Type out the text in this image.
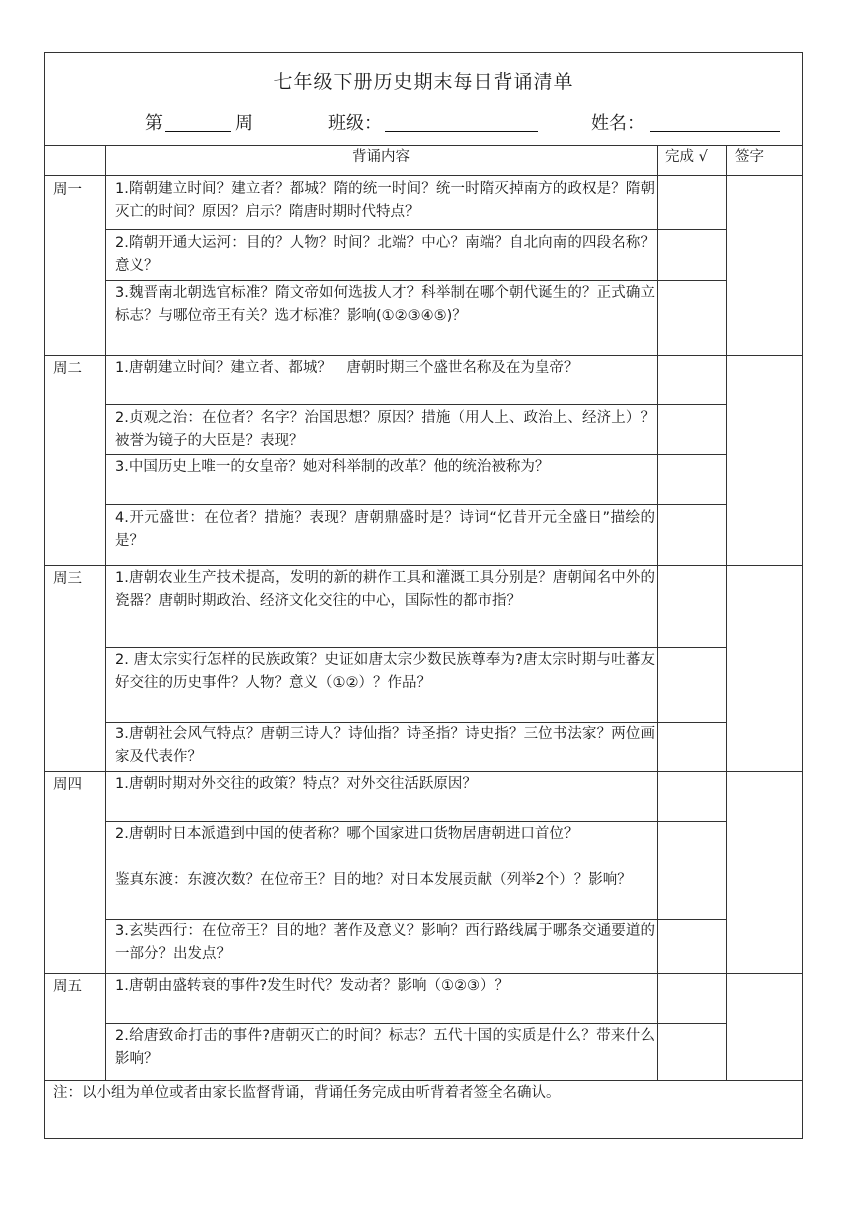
七年级下册历史期末每日背诵清单
第	周	班级：	姓名：
背诵内容	完成 √ 签字
周一 1.隋朝建立时间？建立者？都城？隋的统一时间？统一时隋灭掉南方的政权是？隋朝灭亡的时间？原因？启示？隋唐时期时代特点？
2.隋朝开通大运河：目的？人物？时间？北端？中心？南端？自北向南的四段名称？意义？
3.魏晋南北朝选官标准？隋文帝如何选拔人才？科举制在哪个朝代诞生的？正式确立标志？与哪位帝王有关？选才标准？影响(①②③④⑤)？
周二 1.唐朝建立时间？建立者、都城？　唐朝时期三个盛世名称及在为皇帝？
2.贞观之治：在位者？名字？治国思想？原因？措施（用人上、政治上、经济上）？被誉为镜子的大臣是？表现？
3.中国历史上唯一的女皇帝？她对科举制的改革？他的统治被称为？
4.开元盛世：在位者？措施？表现？唐朝鼎盛时是？诗词“忆昔开元全盛日”描绘的是？
周三 1.唐朝农业生产技术提高，发明的新的耕作工具和灌溉工具分别是？唐朝闻名中外的瓷器？唐朝时期政治、经济文化交往的中心，国际性的都市指？
2. 唐太宗实行怎样的民族政策？史证如唐太宗少数民族尊奉为?唐太宗时期与吐蕃友好交往的历史事件？人物？意义（①②）？作品？
3.唐朝社会风气特点？唐朝三诗人？诗仙指？诗圣指？诗史指？三位书法家？两位画家及代表作？
周四 1.唐朝时期对外交往的政策？特点？对外交往活跃原因？
2.唐朝时日本派遣到中国的使者称？哪个国家进口货物居唐朝进口首位？
鉴真东渡：东渡次数？在位帝王？目的地？对日本发展贡献（列举2个）？影响？
3.玄奘西行：在位帝王？目的地？著作及意义？影响？西行路线属于哪条交通要道的一部分？出发点？
周五 1.唐朝由盛转衰的事件?发生时代？发动者？影响（①②③）？
2.给唐致命打击的事件?唐朝灭亡的时间？标志？五代十国的实质是什么？带来什么影响？
注：以小组为单位或者由家长监督背诵，背诵任务完成由听背着者签全名确认。
